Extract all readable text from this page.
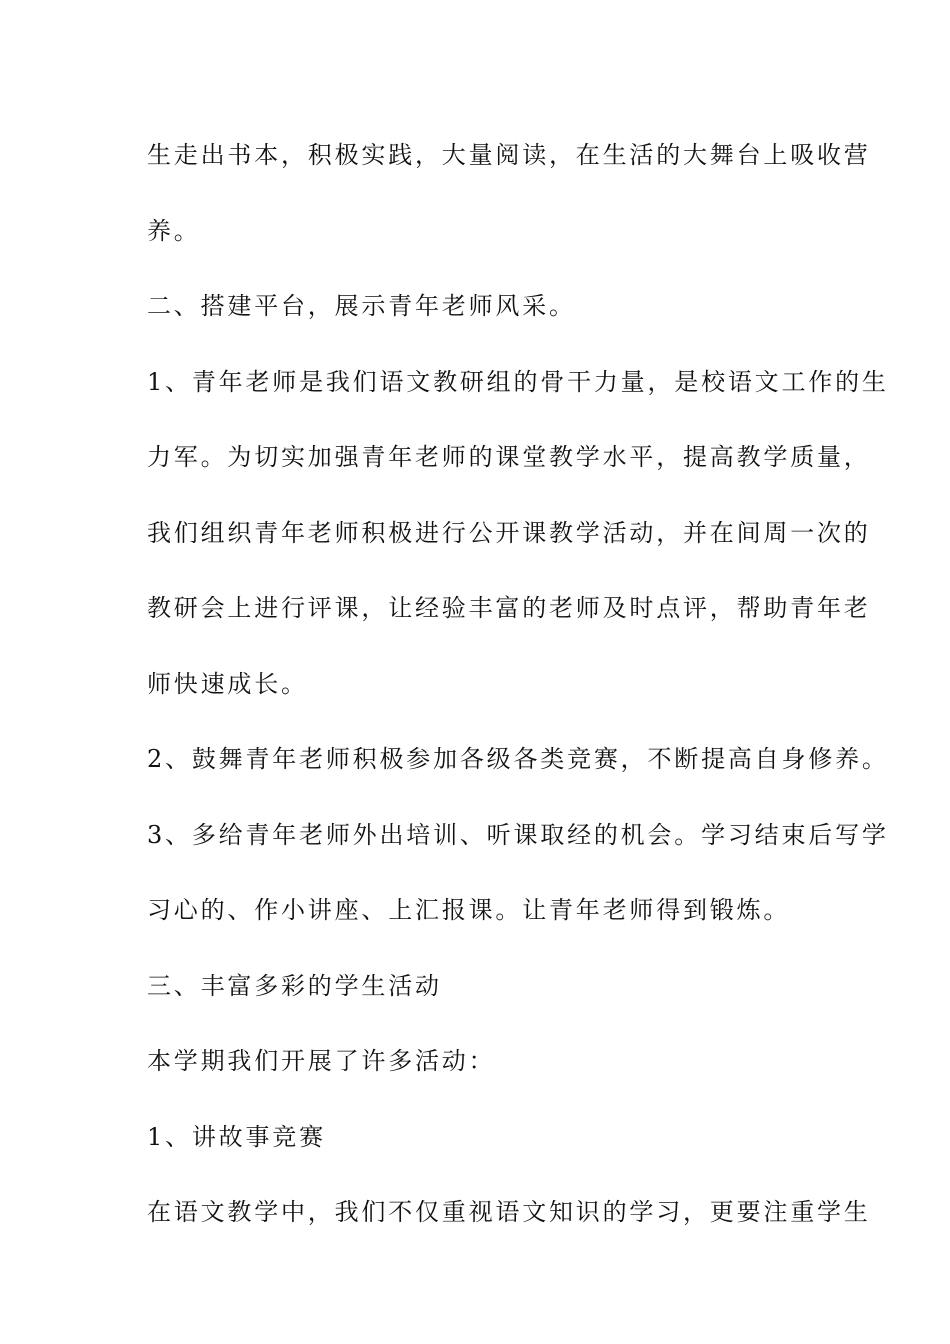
生走出书本，积极实践，大量阅读，在生活的大舞台上吸收营
养。
二、搭建平台，展示青年老师风采。
1、青年老师是我们语文教研组的骨干力量，是校语文工作的生
力军。为切实加强青年老师的课堂教学水平，提高教学质量，
我们组织青年老师积极进行公开课教学活动，并在间周一次的
教研会上进行评课，让经验丰富的老师及时点评，帮助青年老
师快速成长。
2、鼓舞青年老师积极参加各级各类竞赛，不断提高自身修养。
3、多给青年老师外出培训、听课取经的机会。学习结束后写学
习心的、作小讲座、上汇报课。让青年老师得到锻炼。
三、丰富多彩的学生活动
本学期我们开展了许多活动：
1、讲故事竞赛
在语文教学中，我们不仅重视语文知识的学习，更要注重学生
